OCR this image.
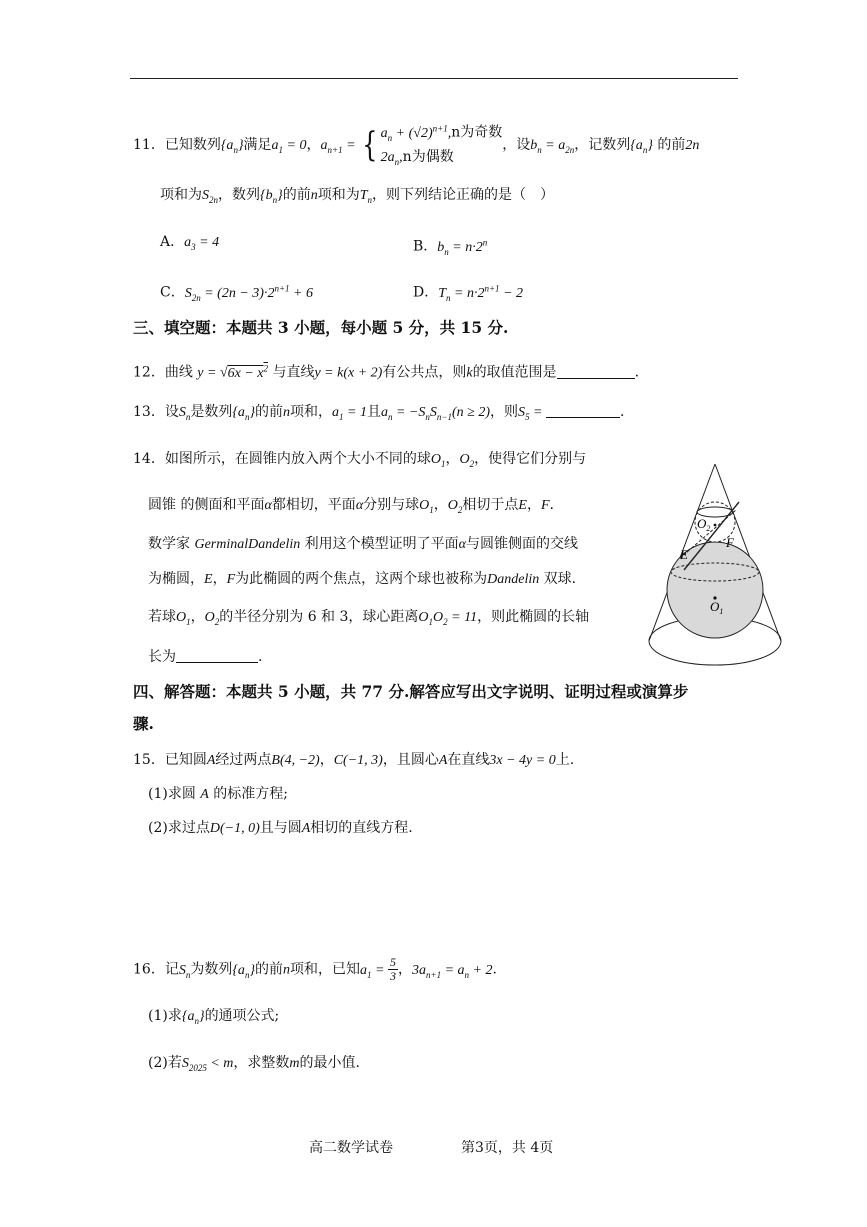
11．已知数列$\{a_n\}$满足$a_1 = 0$，$a_{n+1}$ = { $a_n + (√2)^{n+1},n$为奇数
$2a_n,n$为偶数，设$b_n = a_{2n}$，记数列$\{a_n\}$ 的前2n
项和为$S_{2n}$，数列$\{b_n\}$的前n项和为$T_n$，则下列结论正确的是（　）
A．$a_3 = 4$	B．$b_n = n\cdot 2^n$
C．$S_{2n} = (2n - 3)\cdot 2^{n+1} + 6$	D．$T_n = n\cdot 2^{n+1} - 2$
三、填空题：本题共 3 小题，每小题 5 分，共 15 分.
12．曲线 $y = √6x - x^2$ 与直线y = k(x + 2)有公共点，则k的取值范围是	.
13．设$S_n$是数列$\{a_n\}$的前n项和，$a_1 = 1$且$a_n = -S_nS_{n-1}(n \ge 2)$，则$S_5$ =	.
14．如图所示，在圆锥内放入两个大小不同的球$O_1$，$O_2$，使得它们分别与
圆锥 的侧面和平面α都相切，平面α分别与球$O_1$，$O_2$相切于点E，F.
数学家 GerminalDandelin 利用这个模型证明了平面α与圆锥侧面的交线
为椭圆，E，F为此椭圆的两个焦点，这两个球也被称为Dandelin 双球.
若球$O_1$，$O_2$的半径分别为 6 和 3，球心距离$O_1O_2 = 11$，则此椭圆的长轴
长为	.
$O_1$
$O_2$
E
F
四、解答题：本题共 5 小题，共 77 分.解答应写出文字说明、证明过程或演算步
骤.
15．已知圆A经过两点B(4, −2)，C(−1, 3)，且圆心A在直线3x − 4y = 0上.
(1)求圆 A 的标准方程;
(2)求过点D(−1, 0)且与圆A相切的直线方程.
16．记$S_n$为数列$\{a_n\}$的前n项和，已知$a_1 = \frac{5}{3}$ ，$3a_{n+1} = a_n + 2$.
(1)求$\{a_n\}$的通项公式;
(2)若$S_{2025} < m$，求整数m的最小值.
高二数学试卷	第3页，共 4页
